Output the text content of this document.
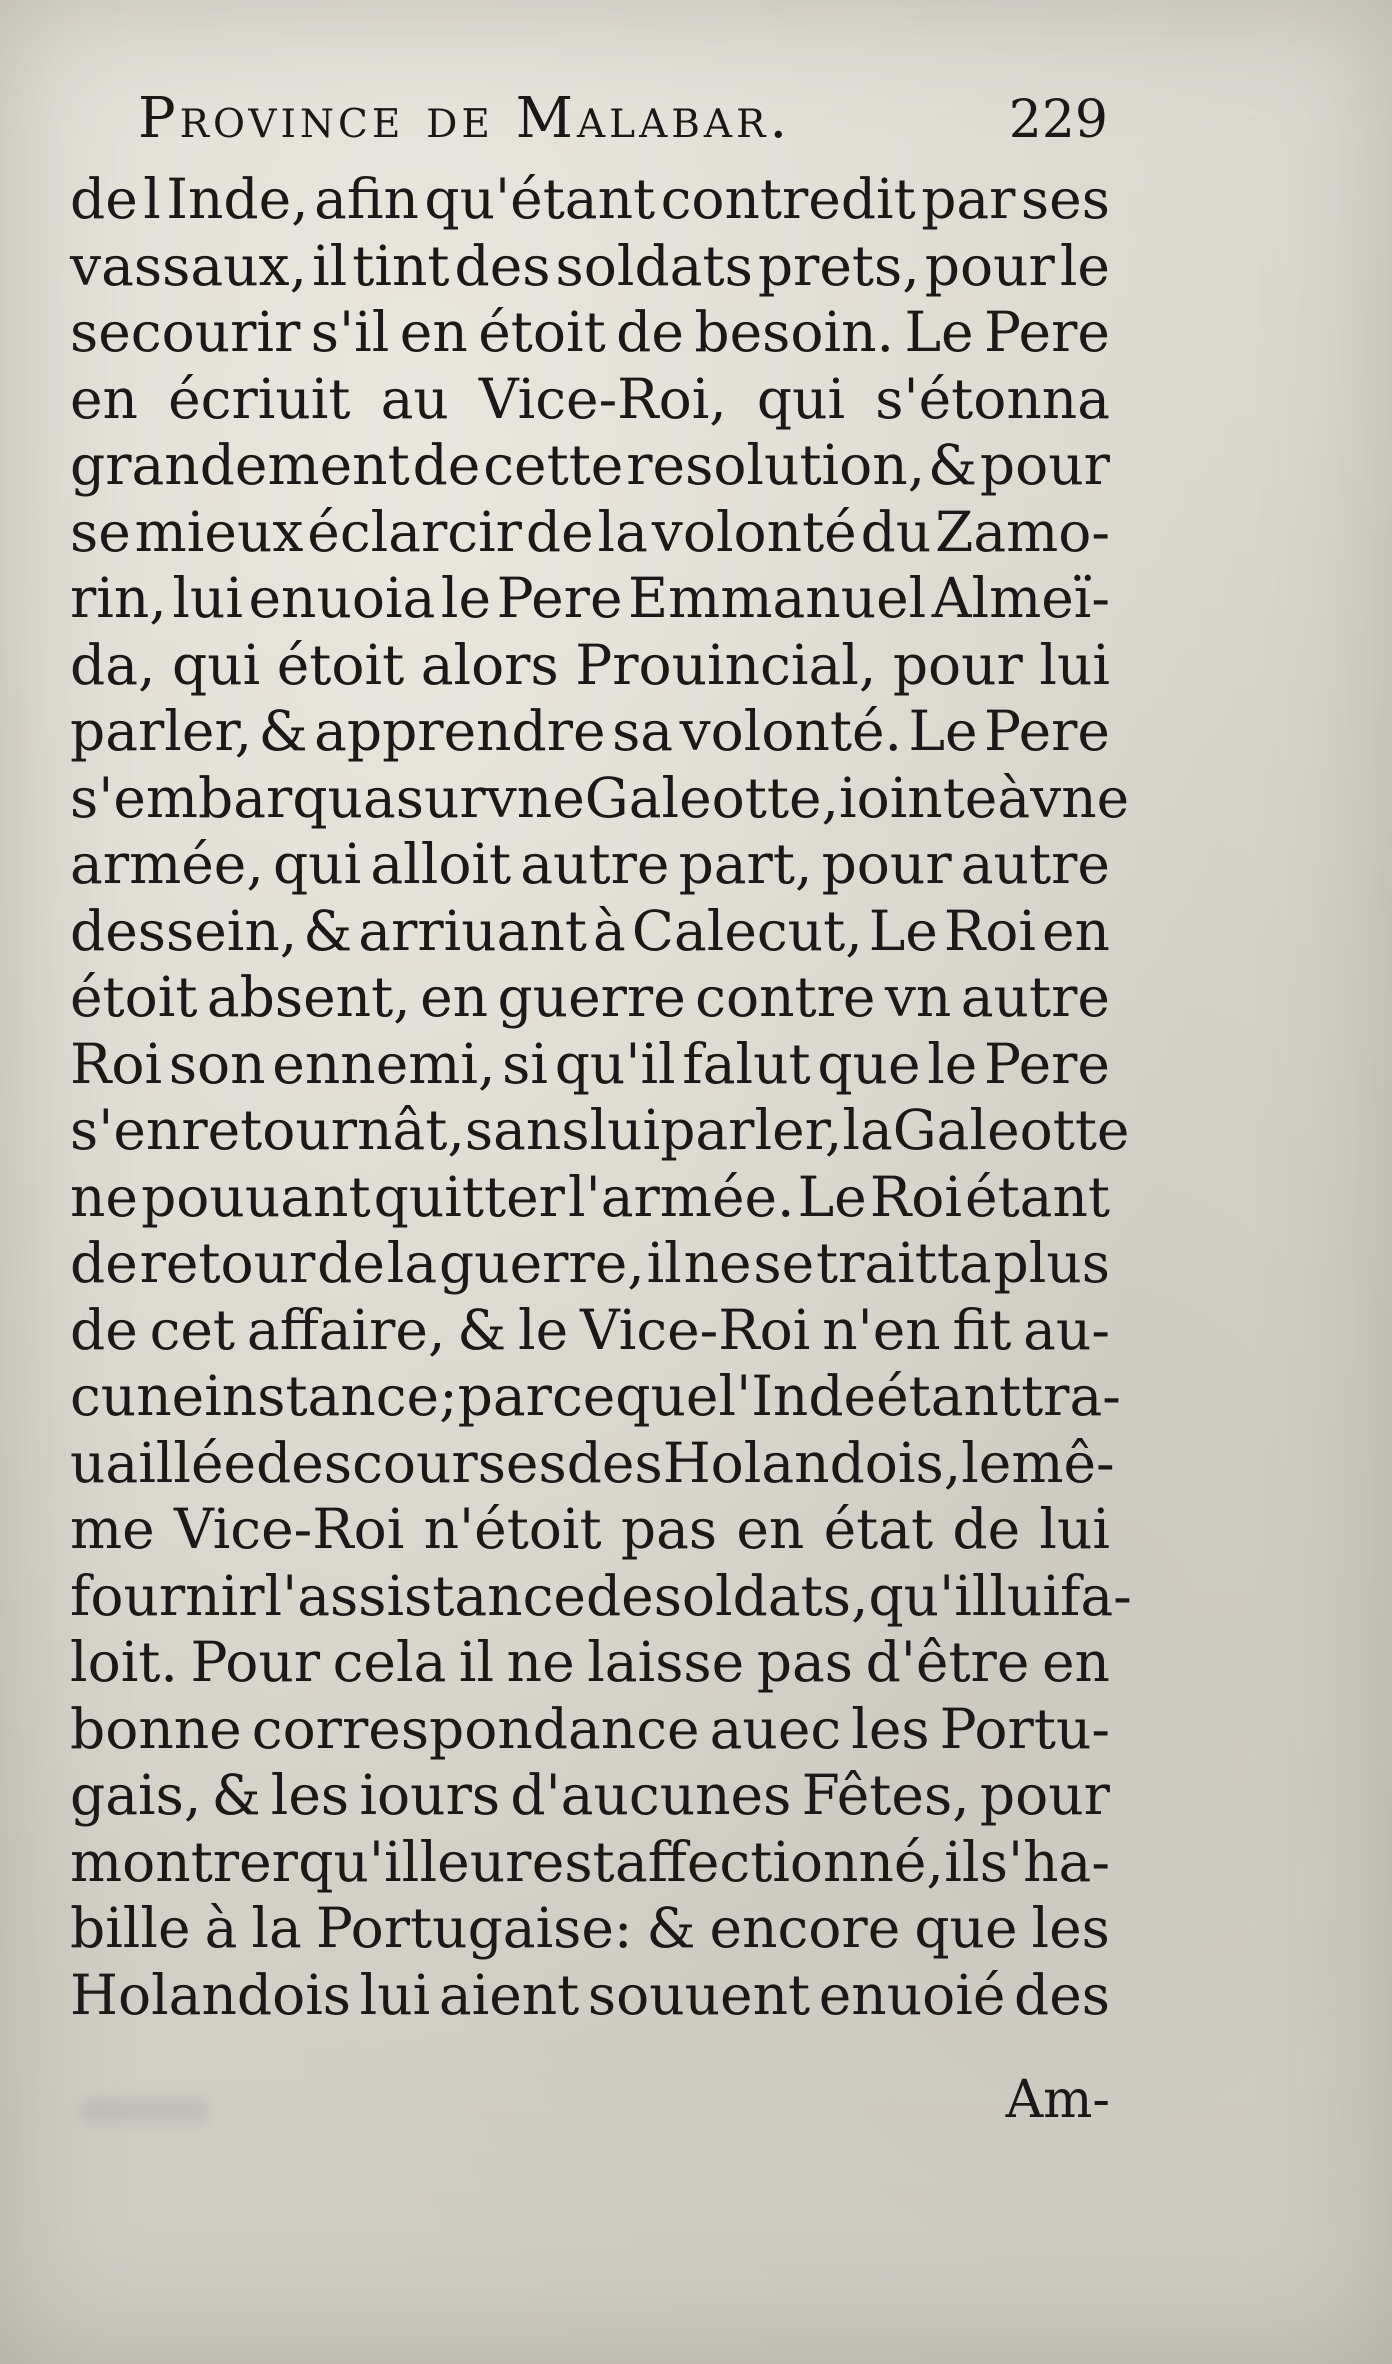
Province de Malabar.	229
de l Inde, afin qu'étant contredit par ses
vassaux, il tint des soldats prets, pour le
secourir s'il en étoit de besoin. Le Pere
en écriuit au Vice-Roi, qui s'étonna
grandement de cette resolution, & pour
se mieux éclarcir de la volonté du Zamo-
rin, lui enuoia le Pere Emmanuel Almeï-
da, qui étoit alors Prouincial, pour lui
parler, & apprendre sa volonté. Le Pere
s'embarqua sur vne Galeotte, iointe à vne
armée, qui alloit autre part, pour autre
dessein, & arriuant à Calecut, Le Roi en
étoit absent, en guerre contre vn autre
Roi son ennemi, si qu'il falut que le Pere
s'en retournât, sans lui parler, la Galeotte
ne pouuant quitter l'armée. Le Roi étant
de retour de la guerre, il ne se traitta plus
de cet affaire, & le Vice-Roi n'en fit au-
cune instance; par ce que l'Inde étant tra-
uaillée des courses des Holandois, le mê-
me Vice-Roi n'étoit pas en état de lui
fournir l'assistance de soldats, qu'il lui fa-
loit. Pour cela il ne laisse pas d'être en
bonne correspondance auec les Portu-
gais, & les iours d'aucunes Fêtes, pour
montrer qu'il leur est affectionné, il s'ha-
bille à la Portugaise: & encore que les
Holandois lui aient souuent enuoié des
Am-
